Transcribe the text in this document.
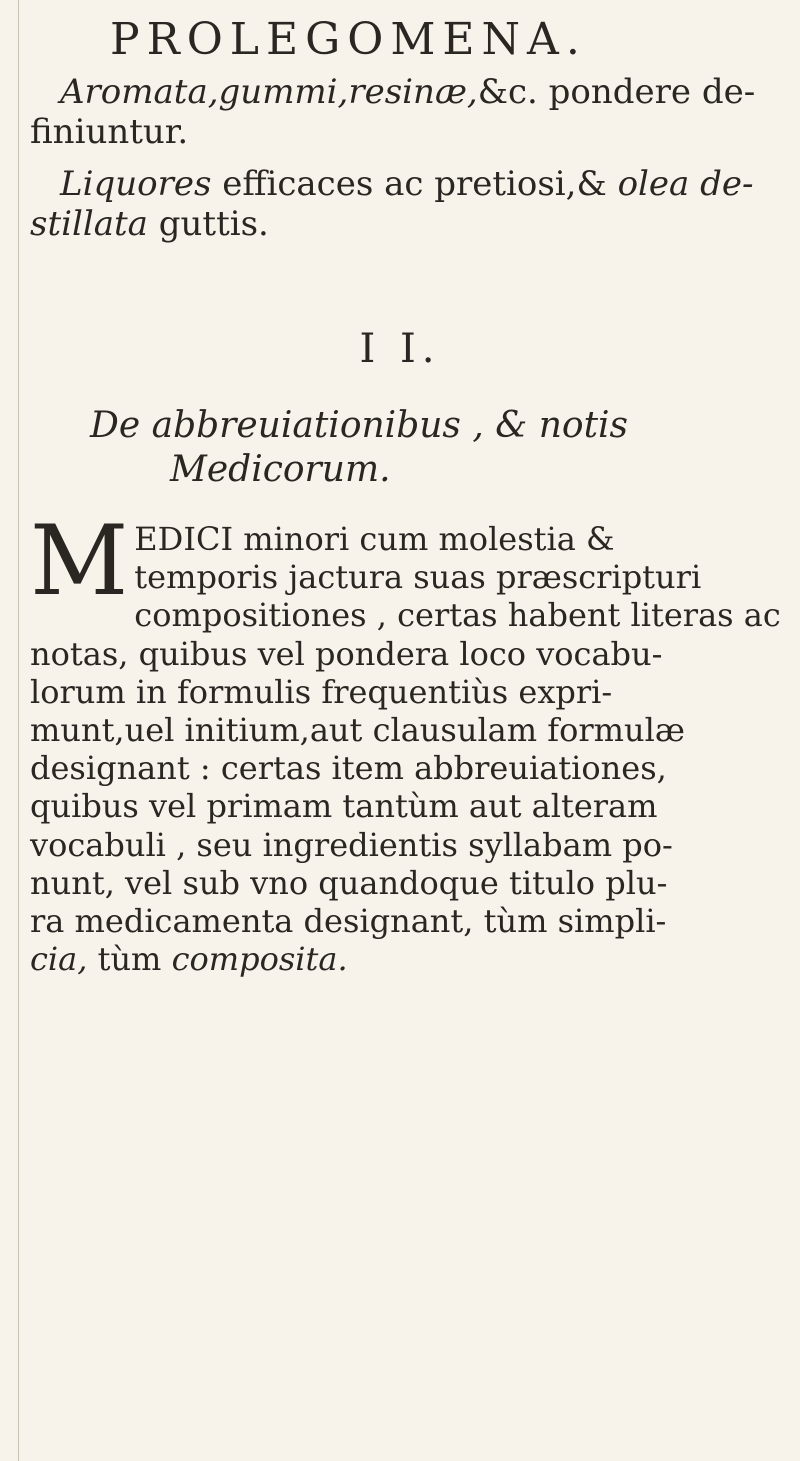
PROLEGOMENA.
Aromata,gummi,resinæ,&c. pondere de-
finiuntur.
Liquores efficaces ac pretiosi,& olea de-
stillata guttis.
I I.
De abbreuiationibus , & notis
Medicorum.
M EDICI minori cum molestia &
temporis jactura suas præscripturi
compositiones , certas habent literas ac
notas, quibus vel pondera loco vocabu-
lorum in formulis frequentiùs expri-
munt,uel initium,aut clausulam formulæ
designant : certas item abbreuiationes,
quibus vel primam tantùm aut alteram
vocabuli , seu ingredientis syllabam po-
nunt, vel sub vno quandoque titulo plu-
ra medicamenta designant, tùm simpli-
cia, tùm composita.
